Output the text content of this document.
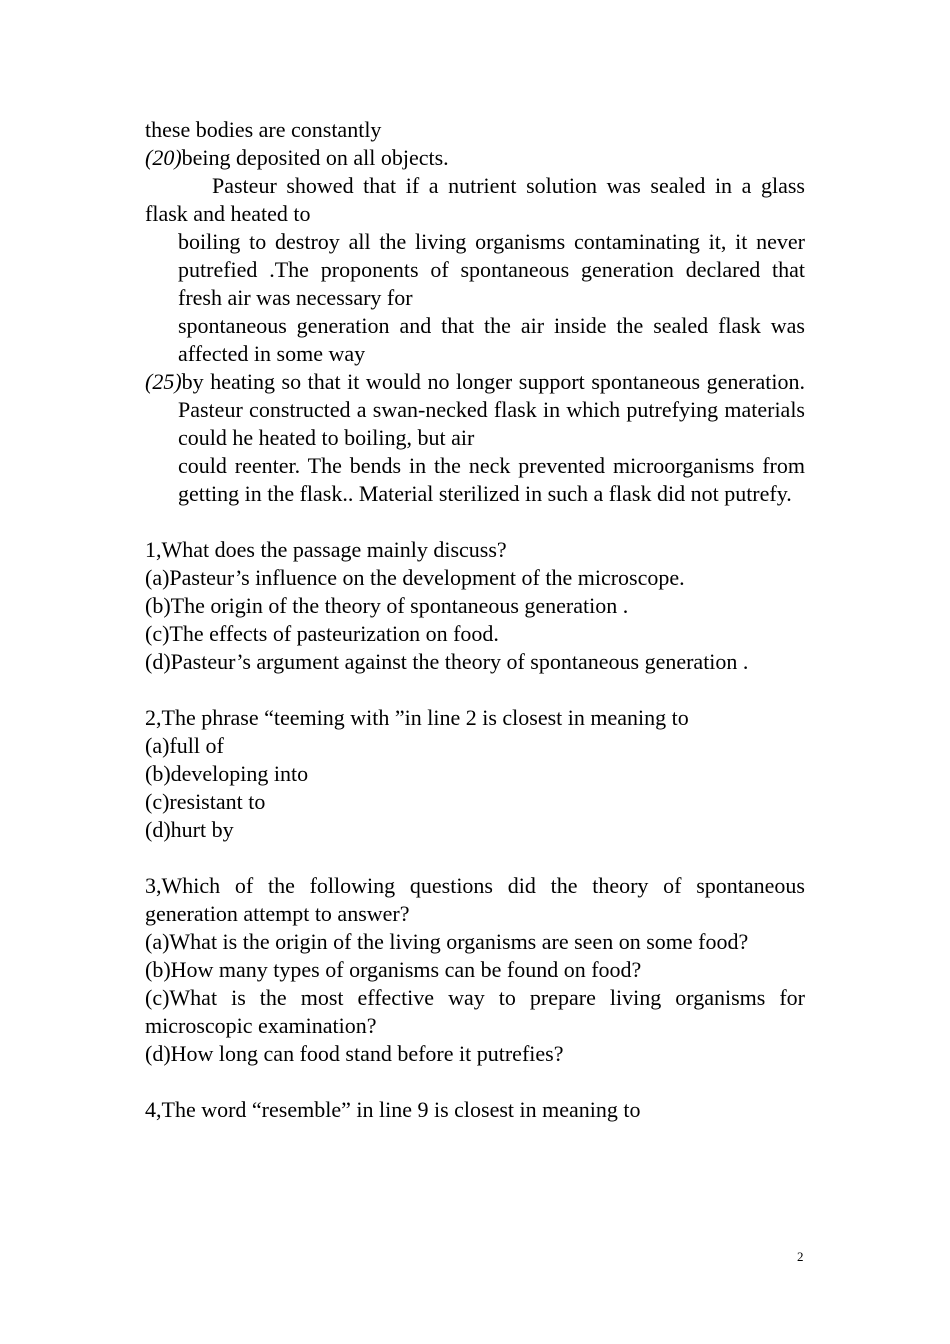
these bodies are constantly

(20)being deposited on all objects.

Pasteur showed that if a nutrient solution was sealed in a glass flask and heated to

boiling to destroy all the living organisms contaminating it, it never putrefied .The proponents of spontaneous generation declared that fresh air was necessary for

spontaneous generation and that the air inside the sealed flask was affected in some way

(25)by heating so that it would no longer support spontaneous generation. Pasteur constructed a swan-necked flask in which putrefying materials could he heated to boiling, but air

could reenter. The bends in the neck prevented microorganisms from getting in the flask.. Material sterilized in such a flask did not putrefy.

1,What does the passage mainly discuss?

(a)Pasteur’s influence on the development of the microscope.

(b)The origin of the theory of spontaneous generation .

(c)The effects of pasteurization on food.

(d)Pasteur’s argument against the theory of spontaneous generation .

2,The phrase “teeming with ”in line 2 is closest in meaning to

(a)full of

(b)developing into

(c)resistant to

(d)hurt by

3,Which of the following questions did the theory of spontaneous generation attempt to answer?

(a)What is the origin of the living organisms are seen on some food?

(b)How many types of organisms can be found on food?

(c)What is the most effective way to prepare living organisms for microscopic examination?

(d)How long can food stand before it putrefies?

4,The word “resemble” in line 9 is closest in meaning to

2
